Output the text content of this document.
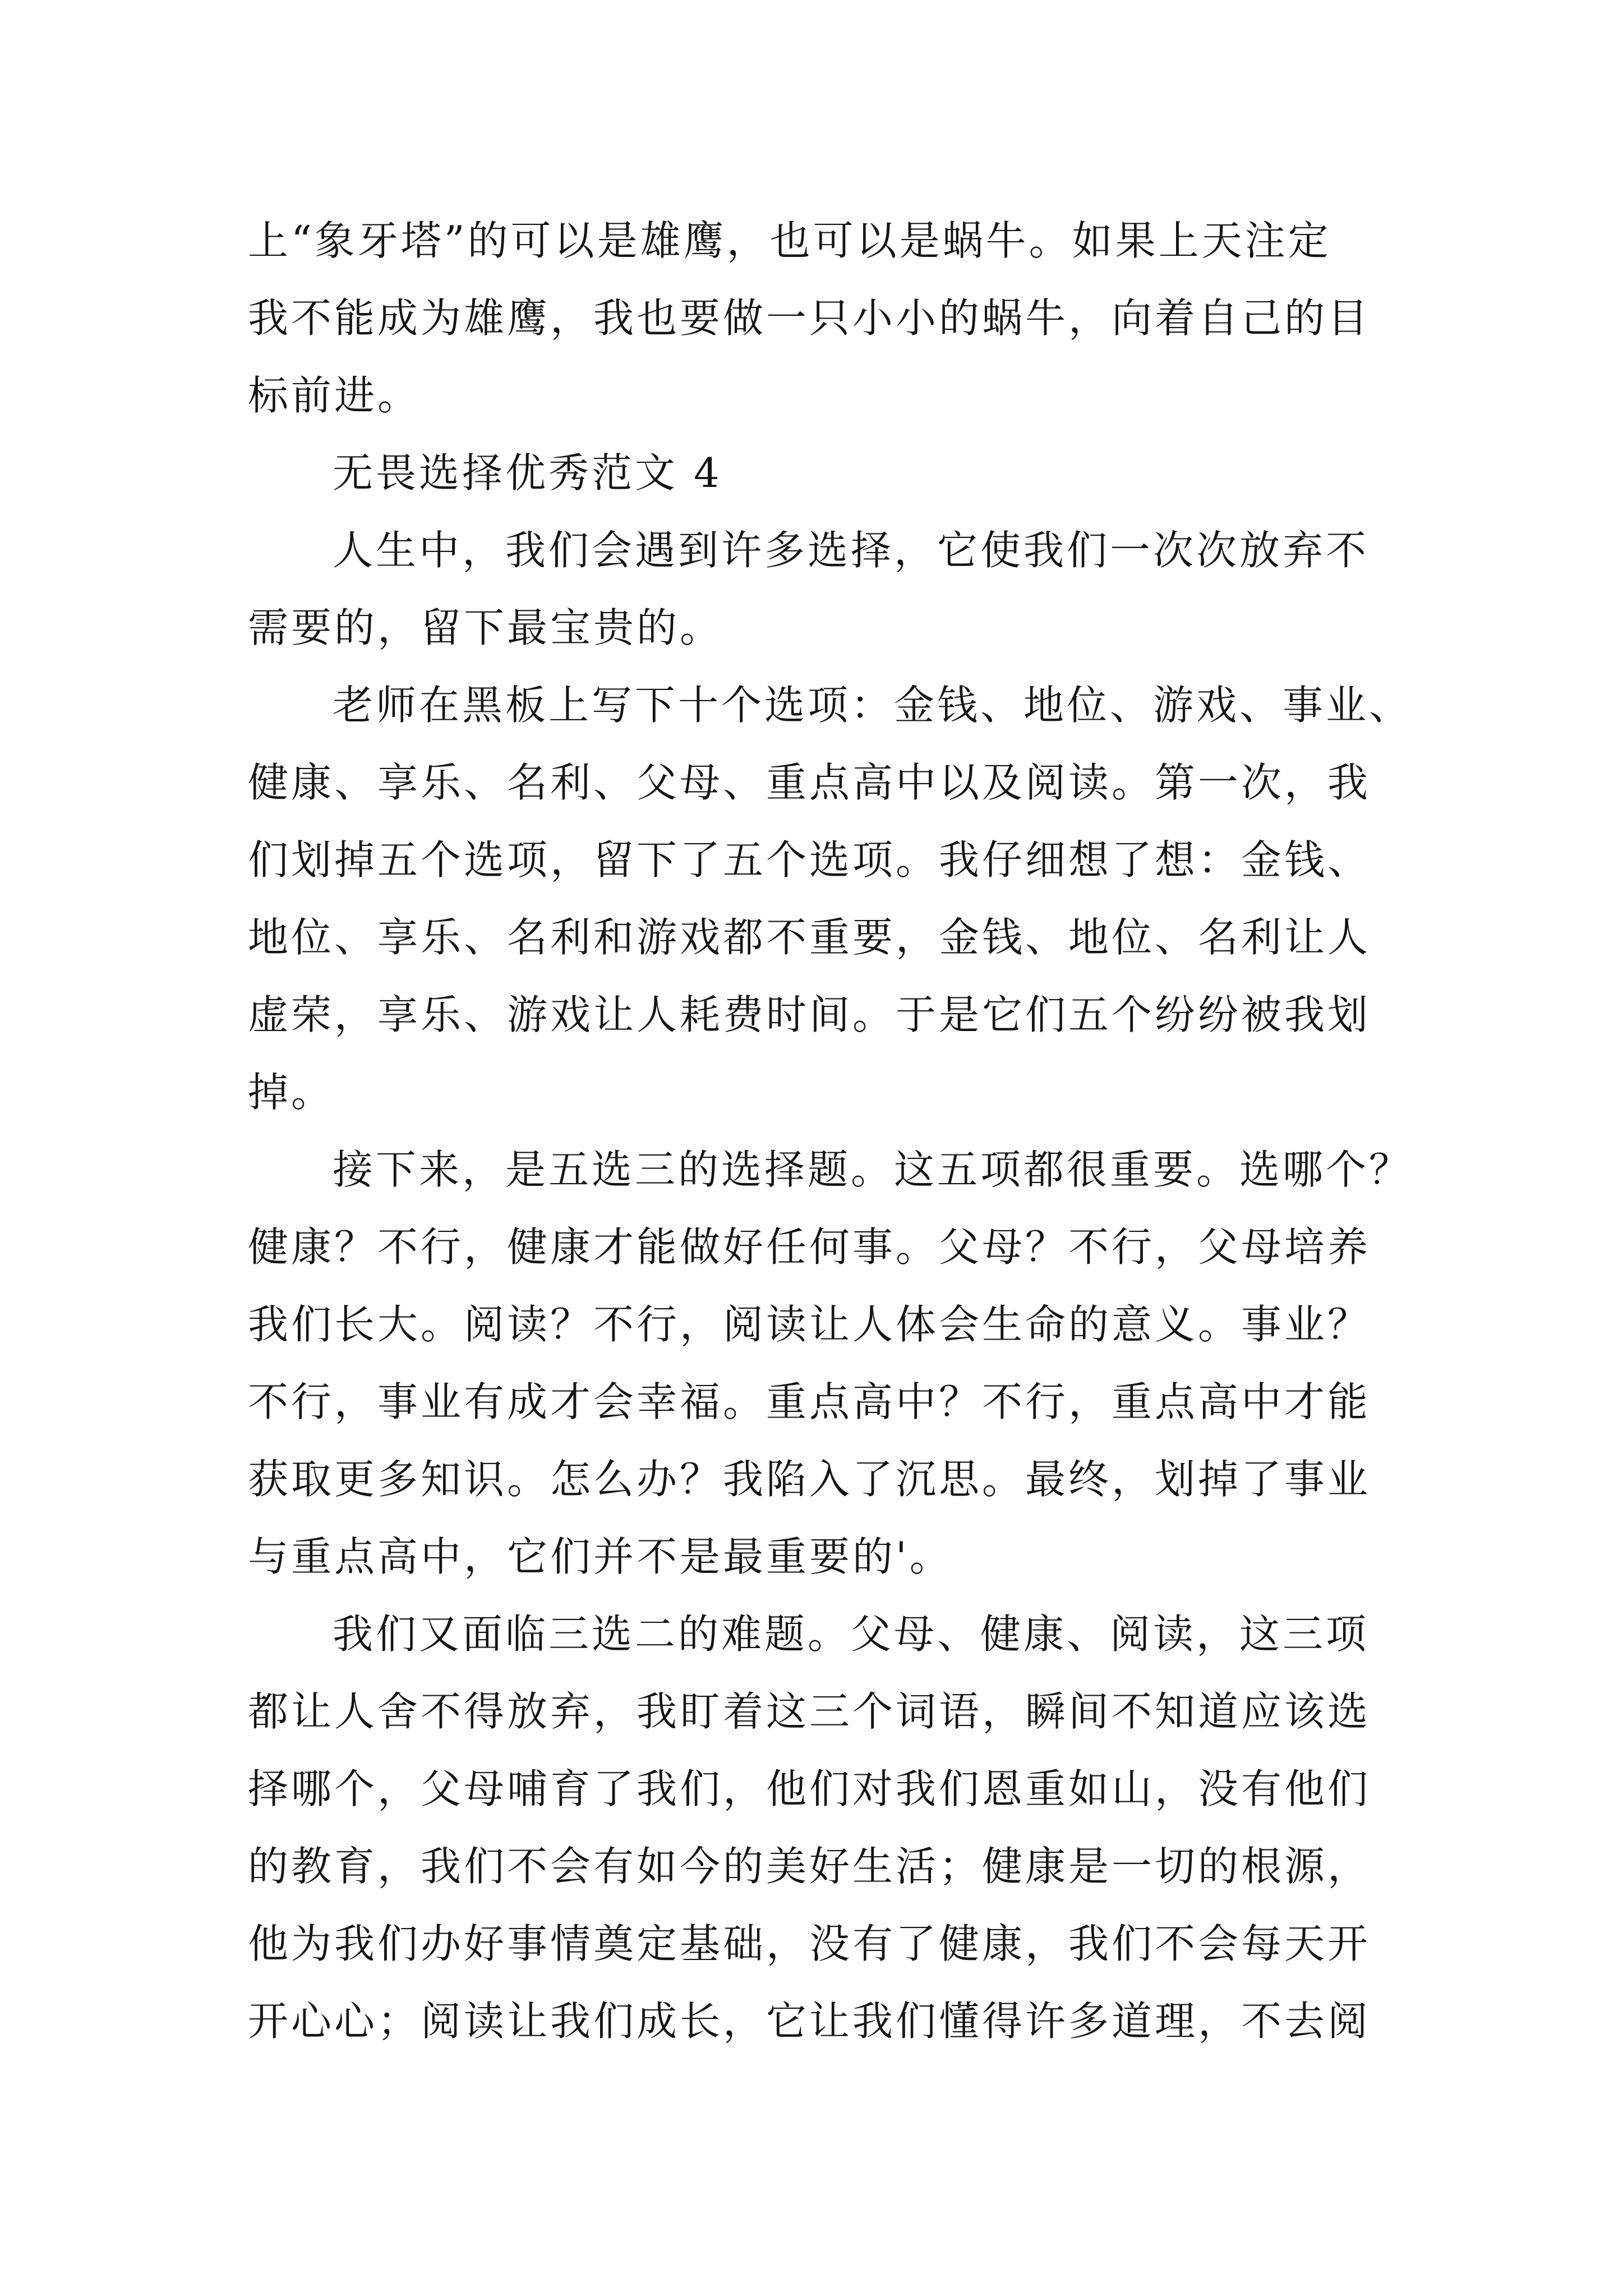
上“象牙塔”的可以是雄鹰，也可以是蜗牛。如果上天注定
我不能成为雄鹰，我也要做一只小小的蜗牛，向着自己的目
标前进。
无畏选择优秀范文 4
人生中，我们会遇到许多选择，它使我们一次次放弃不
需要的，留下最宝贵的。
老师在黑板上写下十个选项：金钱、地位、游戏、事业、
健康、享乐、名利、父母、重点高中以及阅读。第一次，我
们划掉五个选项，留下了五个选项。我仔细想了想：金钱、
地位、享乐、名利和游戏都不重要，金钱、地位、名利让人
虚荣，享乐、游戏让人耗费时间。于是它们五个纷纷被我划
掉。
接下来，是五选三的选择题。这五项都很重要。选哪个？
健康？不行，健康才能做好任何事。父母？不行，父母培养
我们长大。阅读？不行，阅读让人体会生命的意义。事业？
不行，事业有成才会幸福。重点高中？不行，重点高中才能
获取更多知识。怎么办？我陷入了沉思。最终，划掉了事业
与重点高中，它们并不是最重要的'。
我们又面临三选二的难题。父母、健康、阅读，这三项
都让人舍不得放弃，我盯着这三个词语，瞬间不知道应该选
择哪个，父母哺育了我们，他们对我们恩重如山，没有他们
的教育，我们不会有如今的美好生活；健康是一切的根源，
他为我们办好事情奠定基础，没有了健康，我们不会每天开
开心心；阅读让我们成长，它让我们懂得许多道理，不去阅
